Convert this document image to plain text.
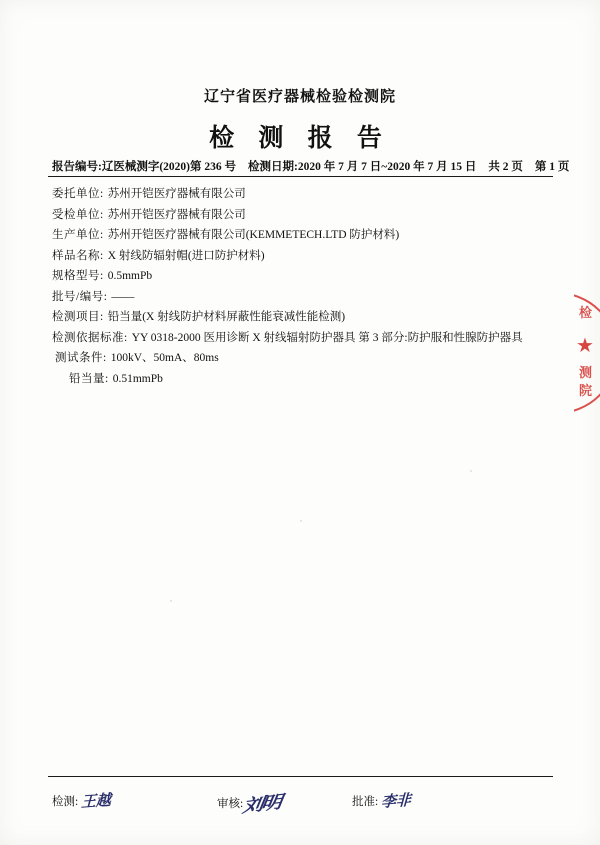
辽宁省医疗器械检验检测院
检 测 报 告
报告编号:辽医械测字(2020)第 236 号 检测日期:2020 年 7 月 7 日~2020 年 7 月 15 日 共 2 页 第 1 页
委托单位: 苏州开铠医疗器械有限公司
受检单位: 苏州开铠医疗器械有限公司
生产单位: 苏州开铠医疗器械有限公司(KEMMETECH.LTD 防护材料)
样品名称: X 射线防辐射帽(进口防护材料)
规格型号: 0.5mmPb
批号/编号: ——
检测项目: 铅当量(X 射线防护材料屏蔽性能衰减性能检测)
检测依据标准: YY 0318-2000 医用诊断 X 射线辐射防护器具 第 3 部分:防护服和性腺防护器具
测试条件: 100kV、50mA、80ms
铅当量: 0.51mmPb
检
★
测
院
检测: 王越	审核:刘明	批准: 李非
